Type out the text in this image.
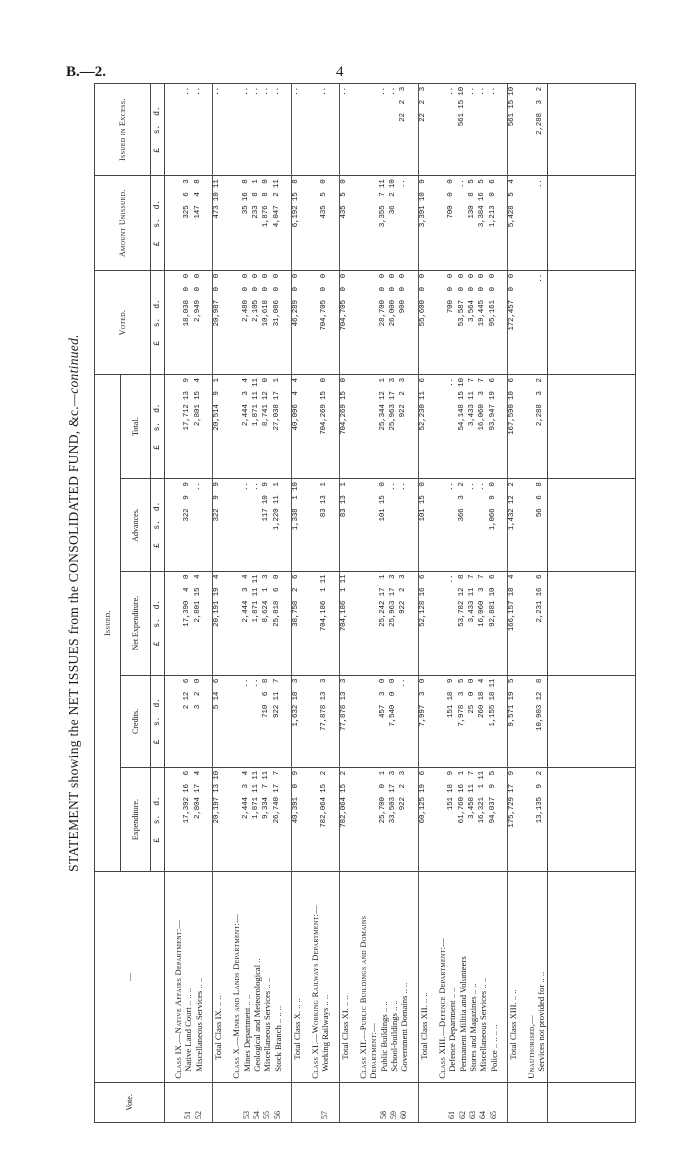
B.—2.	4
STATEMENT showing the NET ISSUES from the CONSOLIDATED FUND, &c.—continued.
Vote.	—	Issued.					Voted.	Amount Unissued.	Issued in Excess.
		Expenditure.	Credits.	Net Expenditure.	Advances.	Total.			
		£   s.  d.	£   s.  d.	£   s.  d.	£   s.  d.	£   s.  d.	£   s.  d.	£   s.  d.	£   s.  d.

	Class IX.—Native Affairs Department:—								
51	Native Land Court .. .. ..	17,392 16  6	2 12  6	17,390  4  0	322  9  9	17,712 13  9	18,038  0  0	325  6  3	..
52	Miscellaneous Services .. ..	2,804 17  4	3  2  0	2,801 15  4	..	2,801 15  4	2,949  0  0	147  4  8	..

	Total Class IX. .. ..	20,197 13 10	5 14  6	20,191 19  4	322  9  9	20,514  9  1	20,987  0  0	473 10 11	..

	Class X.—Mines and Lands Department:—								
53	Mines Department .. ..	2,444  3  4	..	2,444  3  4	..	2,444  3  4	2,480  0  0	35 16  8	..
54	Geological and Meteorological ..	1,871 11 11	..	1,871 11 11	..	1,871 11 11	2,105  0  0	233  8  1	..
55	Miscellaneous Services .. ..	9,334  7 11	710  6  8	8,624  1  3	117 10  9	8,741 12  0	10,618  0  0	1,876  8  0	..
56	Stock Branch .. .. ..	26,740 17  7	922 11  7	25,818  6  0	1,220 11  1	27,038 17  1	31,086  0  0	4,047  2 11	..

	Total Class X. .. ..	40,391  0  9	1,632 18  3	38,758  2  6	1,338  1 10	40,096  4  4	46,289  0  0	6,192 15  8	..

	Class XI.—Working Railways Department:—								
57	Working Railways .. ..	782,064 15  2	77,878 13  3	704,186  1 11	83 13  1	704,269 15  0	704,705  0  0	435  5  0	..

	Total Class XI. .. ..	782,064 15  2	77,878 13  3	704,186  1 11	83 13  1	704,269 15  0	704,705  0  0	435  5  0	..

	Class XII.—Public Buildings and Domains Department:—								
58	Public Buildings .. ..	25,700  0  1	457  3  0	25,242 17  1	101 15  0	25,344 12  1	28,700  0  0	3,355  7 11	..
59	School-buildings .. ..	33,503 17  3	7,540  0  0	25,963 17  3	..	25,963 17  3	26,000  0  0	36  2 10	..
60	Government Domains .. ..	922  2  3	..	922  2  3	..	922  2  3	900  0  0	..	22  2  3

	Total Class XII. .. ..	60,125 19  6	7,997  3  0	52,128 16  6	101 15  0	52,230 11  6	55,600  0  0	3,391 10  9	22  2  3

	Class XIII.—Defence Department:—								
61	Defence Department .. ..	151 18  9	151 18  9	..	..	..	700  0  0	700  0  0	..
62	Permanent Militia and Volunteers	61,760 16  1	7,978  3  5	53,782 12  8	366  3  2	54,148 15 10	53,587  0  0	..	561 15 10
63	Stores and Magazines .. ..	3,458 11  7	25  0  0	3,433 11  7	..	3,433 11  7	3,564  0  0	130  8  5	..
64	Miscellaneous Services .. ..	16,321  1 11	260 18  4	16,060  3  7	..	16,060  3  7	19,445  0  0	3,384 16  5	..
65	Police .. .. .. ..	94,037  9  5	1,155 18 11	92,881 10  6	1,066  9  0	93,947 19  6	95,161  0  0	1,213  0  6	..

	Total Class XIII. .. ..	175,729 17  9	9,571 19  5	166,157 18  4	1,432 12  2	167,590 10  6	172,457  0  0	5,428  5  4	561 15 10

	Unauthorised,—								
	Services not provided for .. ..	13,135  9  2	10,903 12  8	2,231 16  6	56  6  8	2,288  3  2	..	..	2,288  3  2
